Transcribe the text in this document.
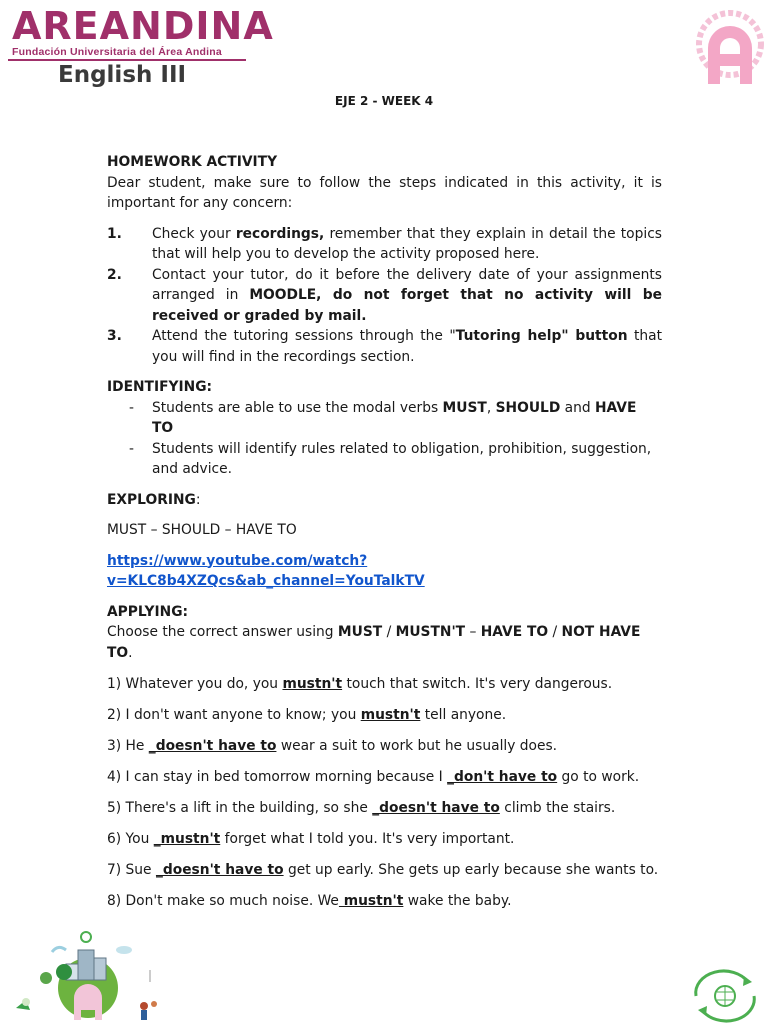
AREANDINA
Fundación Universitaria del Área Andina
English III
EJE 2 - WEEK 4

HOMEWORK ACTIVITY

Dear student, make sure to follow the steps indicated in this activity, it is important for any concern:

1.	Check your recordings, remember that they explain in detail the topics that will help you to develop the activity proposed here.
2.	Contact your tutor, do it before the delivery date of your assignments arranged in MOODLE, do not forget that no activity will be received or graded by mail.
3.	Attend the tutoring sessions through the "Tutoring help" button that you will find in the recordings section.

IDENTIFYING:

-	Students are able to use the modal verbs MUST, SHOULD and HAVE TO
-	Students will identify rules related to obligation, prohibition, suggestion, and advice.

EXPLORING:

MUST – SHOULD – HAVE TO

https://www.youtube.com/watch?v=KLC8b4XZQcs&ab_channel=YouTalkTV

APPLYING:

Choose the correct answer using MUST / MUSTN'T – HAVE TO / NOT HAVE TO.

1) Whatever you do, you mustn't touch that switch. It's very dangerous.

2) I don't want anyone to know; you mustn't tell anyone.

3) He _doesn't have to wear a suit to work but he usually does.

4) I can stay in bed tomorrow morning because I _don't have to go to work.

5) There's a lift in the building, so she _doesn't have to climb the stairs.

6) You _mustn't forget what I told you. It's very important.

7) Sue _doesn't have to get up early. She gets up early because she wants to.

8) Don't make so much noise. We mustn't wake the baby.
